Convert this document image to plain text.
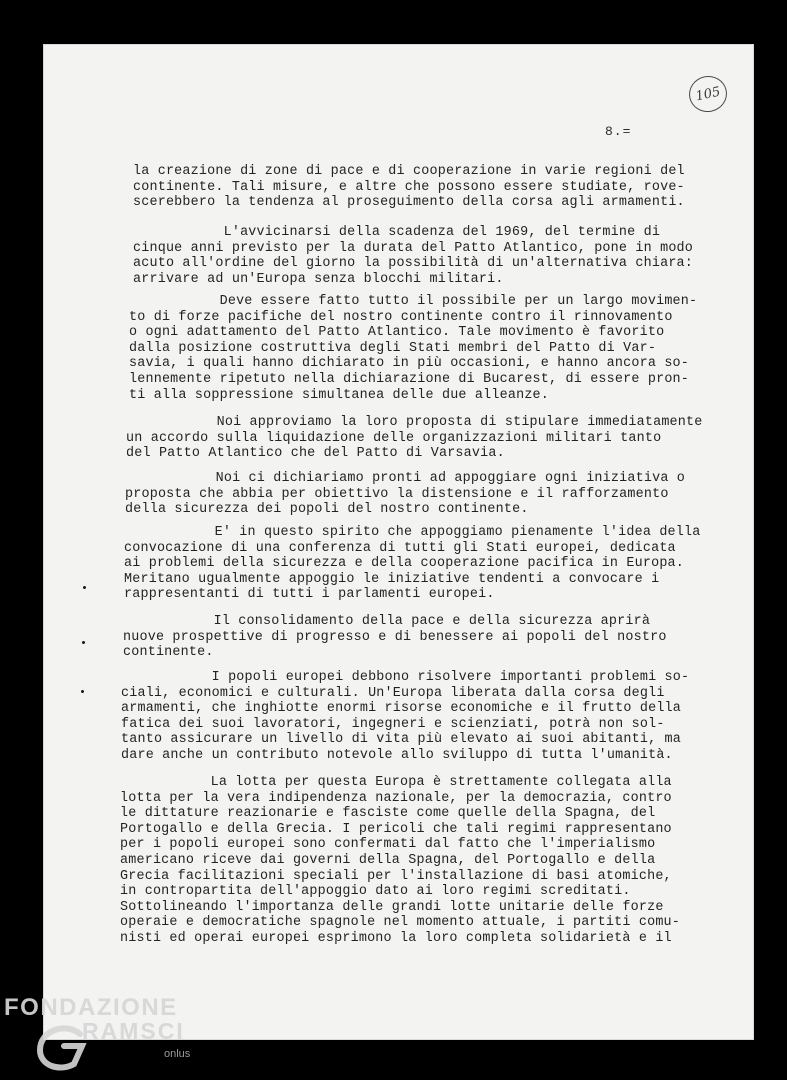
105
8.=

la creazione di zone di pace e di cooperazione in varie regioni del
continente. Tali misure, e altre che possono essere studiate, rove-
scerebbero la tendenza al proseguimento della corsa agli armamenti.

L'avvicinarsi della scadenza del 1969, del termine di
cinque anni previsto per la durata del Patto Atlantico, pone in modo
acuto all'ordine del giorno la possibilità di un'alternativa chiara:
arrivare ad un'Europa senza blocchi militari.

Deve essere fatto tutto il possibile per un largo movimen-
to di forze pacifiche del nostro continente contro il rinnovamento
o ogni adattamento del Patto Atlantico. Tale movimento è favorito
dalla posizione costruttiva degli Stati membri del Patto di Var-
savia, i quali hanno dichiarato in più occasioni, e hanno ancora so-
lennemente ripetuto nella dichiarazione di Bucarest, di essere pron-
ti alla soppressione simultanea delle due alleanze.

Noi approviamo la loro proposta di stipulare immediatamente
un accordo sulla liquidazione delle organizzazioni militari tanto
del Patto Atlantico che del Patto di Varsavia.

Noi ci dichiariamo pronti ad appoggiare ogni iniziativa o
proposta che abbia per obiettivo la distensione e il rafforzamento
della sicurezza dei popoli del nostro continente.

E' in questo spirito che appoggiamo pienamente l'idea della
convocazione di una conferenza di tutti gli Stati europei, dedicata
ai problemi della sicurezza e della cooperazione pacifica in Europa.
Meritano ugualmente appoggio le iniziative tendenti a convocare i
rappresentanti di tutti i parlamenti europei.

Il consolidamento della pace e della sicurezza aprirà
nuove prospettive di progresso e di benessere ai popoli del nostro
continente.

I popoli europei debbono risolvere importanti problemi so-
ciali, economici e culturali. Un'Europa liberata dalla corsa degli
armamenti, che inghiotte enormi risorse economiche e il frutto della
fatica dei suoi lavoratori, ingegneri e scienziati, potrà non sol-
tanto assicurare un livello di vita più elevato ai suoi abitanti, ma
dare anche un contributo notevole allo sviluppo di tutta l'umanità.

La lotta per questa Europa è strettamente collegata alla
lotta per la vera indipendenza nazionale, per la democrazia, contro
le dittature reazionarie e fasciste come quelle della Spagna, del
Portogallo e della Grecia. I pericoli che tali regimi rappresentano
per i popoli europei sono confermati dal fatto che l'imperialismo
americano riceve dai governi della Spagna, del Portogallo e della
Grecia facilitazioni speciali per l'installazione di basi atomiche,
in contropartita dell'appoggio dato ai loro regimi screditati.
Sottolineando l'importanza delle grandi lotte unitarie delle forze
operaie e democratiche spagnole nel momento attuale, i partiti comu-
nisti ed operai europei esprimono la loro completa solidarietà e il

FONDAZIONE
RAMSCI
onlus
